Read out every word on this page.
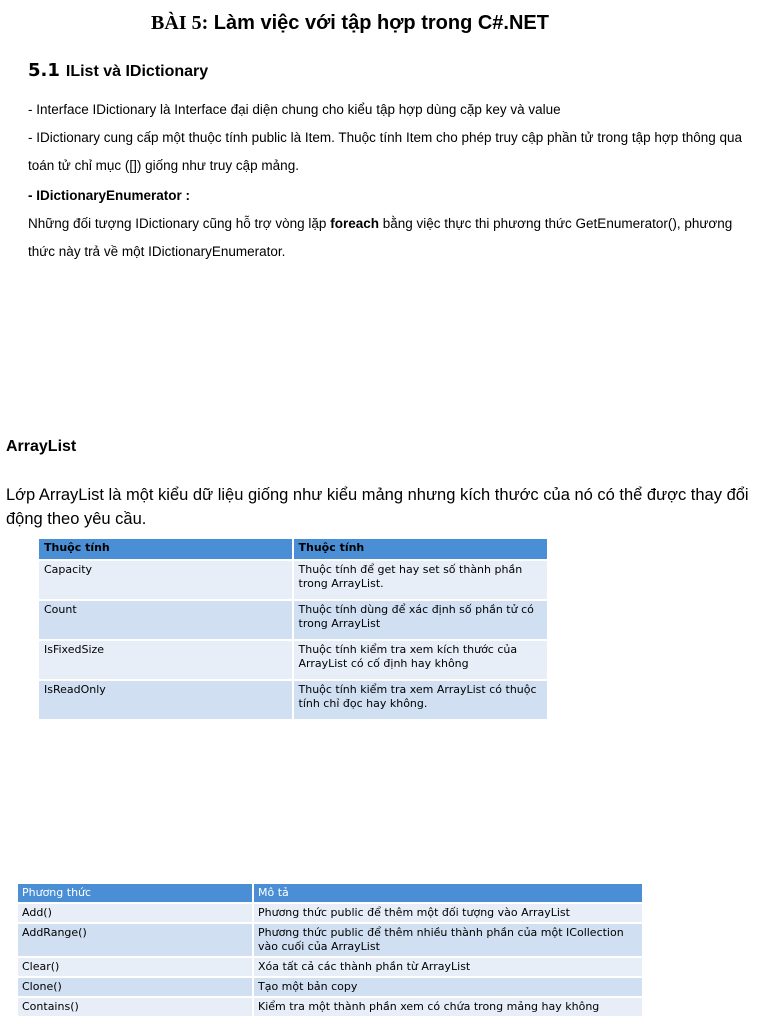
BÀI 5: Làm việc với tập hợp trong C#.NET
5.1 IList và IDictionary
- Interface IDictionary là Interface đại diện chung cho kiểu tập hợp dùng cặp key và value
- IDictionary cung cấp một thuộc tính public là Item. Thuộc tính Item cho phép truy cập phần tử trong tập hợp thông qua toán tử chỉ mục ([]) giống như truy cập mảng.
- IDictionaryEnumerator :
Những đối tượng IDictionary cũng hỗ trợ vòng lặp foreach bằng việc thực thi phương thức GetEnumerator(), phương thức này trả về một IDictionaryEnumerator.
ArrayList
Lớp ArrayList là một kiểu dữ liệu giống như kiểu mảng nhưng kích thước của nó có thể được thay đổi động theo yêu cầu.
Thuộc tính	Thuộc tính
Capacity	Thuộc tính để get hay set số thành phần trong ArrayList.
Count	Thuộc tính dùng để xác định số phần tử có trong ArrayList
IsFixedSize	Thuộc tính kiểm tra xem kích thước của ArrayList có cố định hay không
IsReadOnly	Thuộc tính kiểm tra xem ArrayList có thuộc tính chỉ đọc hay không.
Phương thức	Mô tả
Add()	Phương thức public để thêm một đối tượng vào ArrayList
AddRange()	Phương thức public để thêm nhiều thành phần của một ICollection vào cuối của ArrayList
Clear()	Xóa tất cả các thành phần từ ArrayList
Clone()	Tạo một bản copy
Contains()	Kiểm tra một thành phần xem có chứa trong mảng hay không
